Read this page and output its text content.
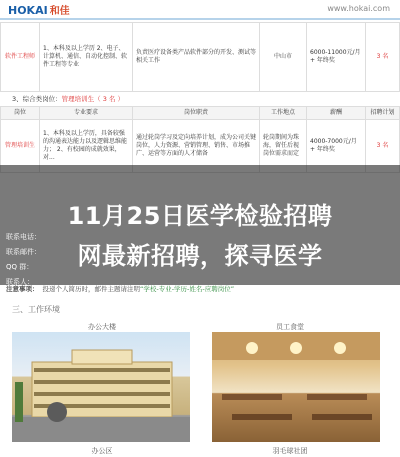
HOKAI 和佳	www.hokai.com
软件工程师	1、本科及以上学历 2、电子、计算机、通信、自动化控制、软件工程等专业	负责医疗设备类产品软件部分的开发、测试等相关工作	中山市	6000-11000元/月 + 年终奖	3 名
3、综合类岗位：管理培训生（ 3 名 ）
岗位	专业要求	岗位职责	工作地点	薪酬	招聘计划
管理培训生	1、本科及以上学历，具备较强的沟通表达能力以及逻辑思维能力； 2、有校园的成就效果，对...	通过轮岗学习及定向培养计划，成为公司关键岗位，人力资源、营销管理、销售、市场推广、运营等方面的人才储备	轮岗期间为珠海，留任后视岗位需求而定	4000-7000元/月 + 年终奖	3 名
联系电话：
联系邮件：
QQ 群：
联系人：
11月25日医学检验招聘
网最新招聘，探寻医学
注意事项： 投递个人简历时，邮件主题请注明“学校-专业-学历-姓名-应聘岗位”
三、工作环境
办公大楼	员工食堂
办公区	羽毛球社团
